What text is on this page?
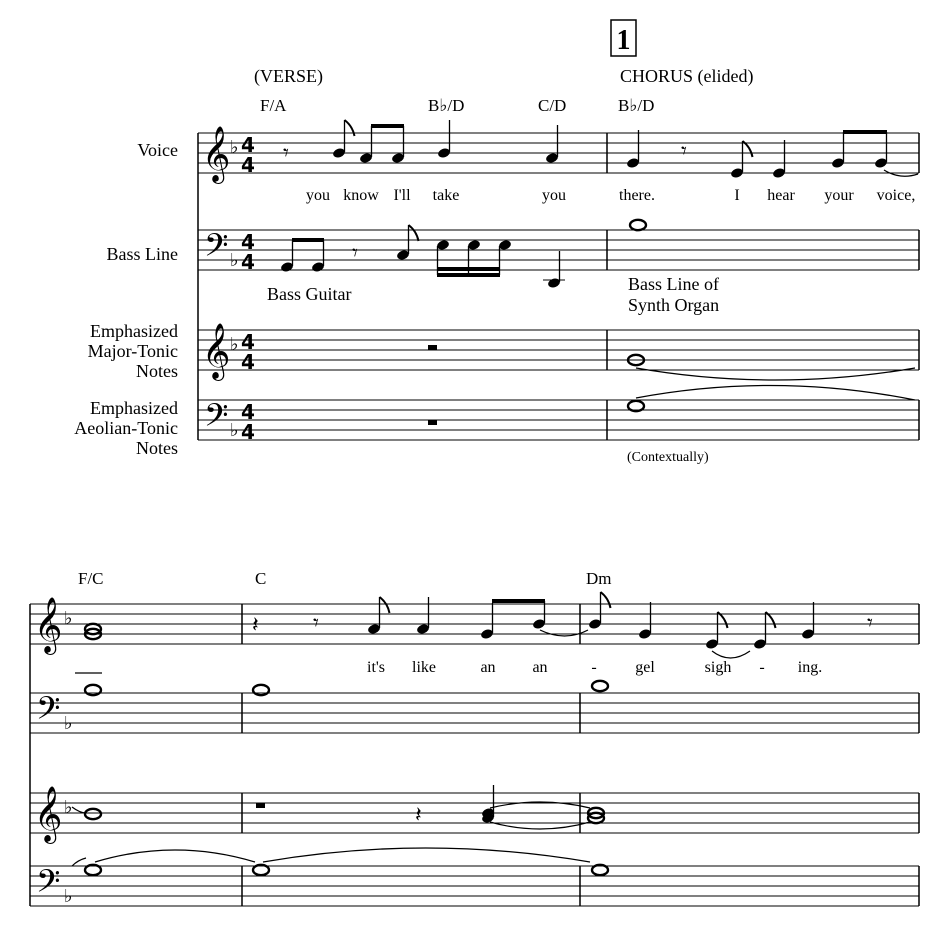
1
(VERSE)	CHORUS (elided)
F/A	B♭/D	C/D	B♭/D
Voice
Bass Line
Emphasized
Major-Tonic
Notes
Emphasized
Aeolian-Tonic
Notes
𝄞
𝄢
𝄞
𝄢
♭
♭
♭
♭
4
4
4
4
4
4
4
4
𝄾	𝄾
𝄾
Bass Guitar	Bass Line of
Synth Organ
(Contextually)
you know I'll take	you	there.	I hear your voice,
F/C	C	Dm
𝄞
𝄢
𝄞
𝄢
♭
♭
♭
♭
𝄽 𝄾	𝄾
it's like	an an	- gel	sigh - ing.
𝄽
